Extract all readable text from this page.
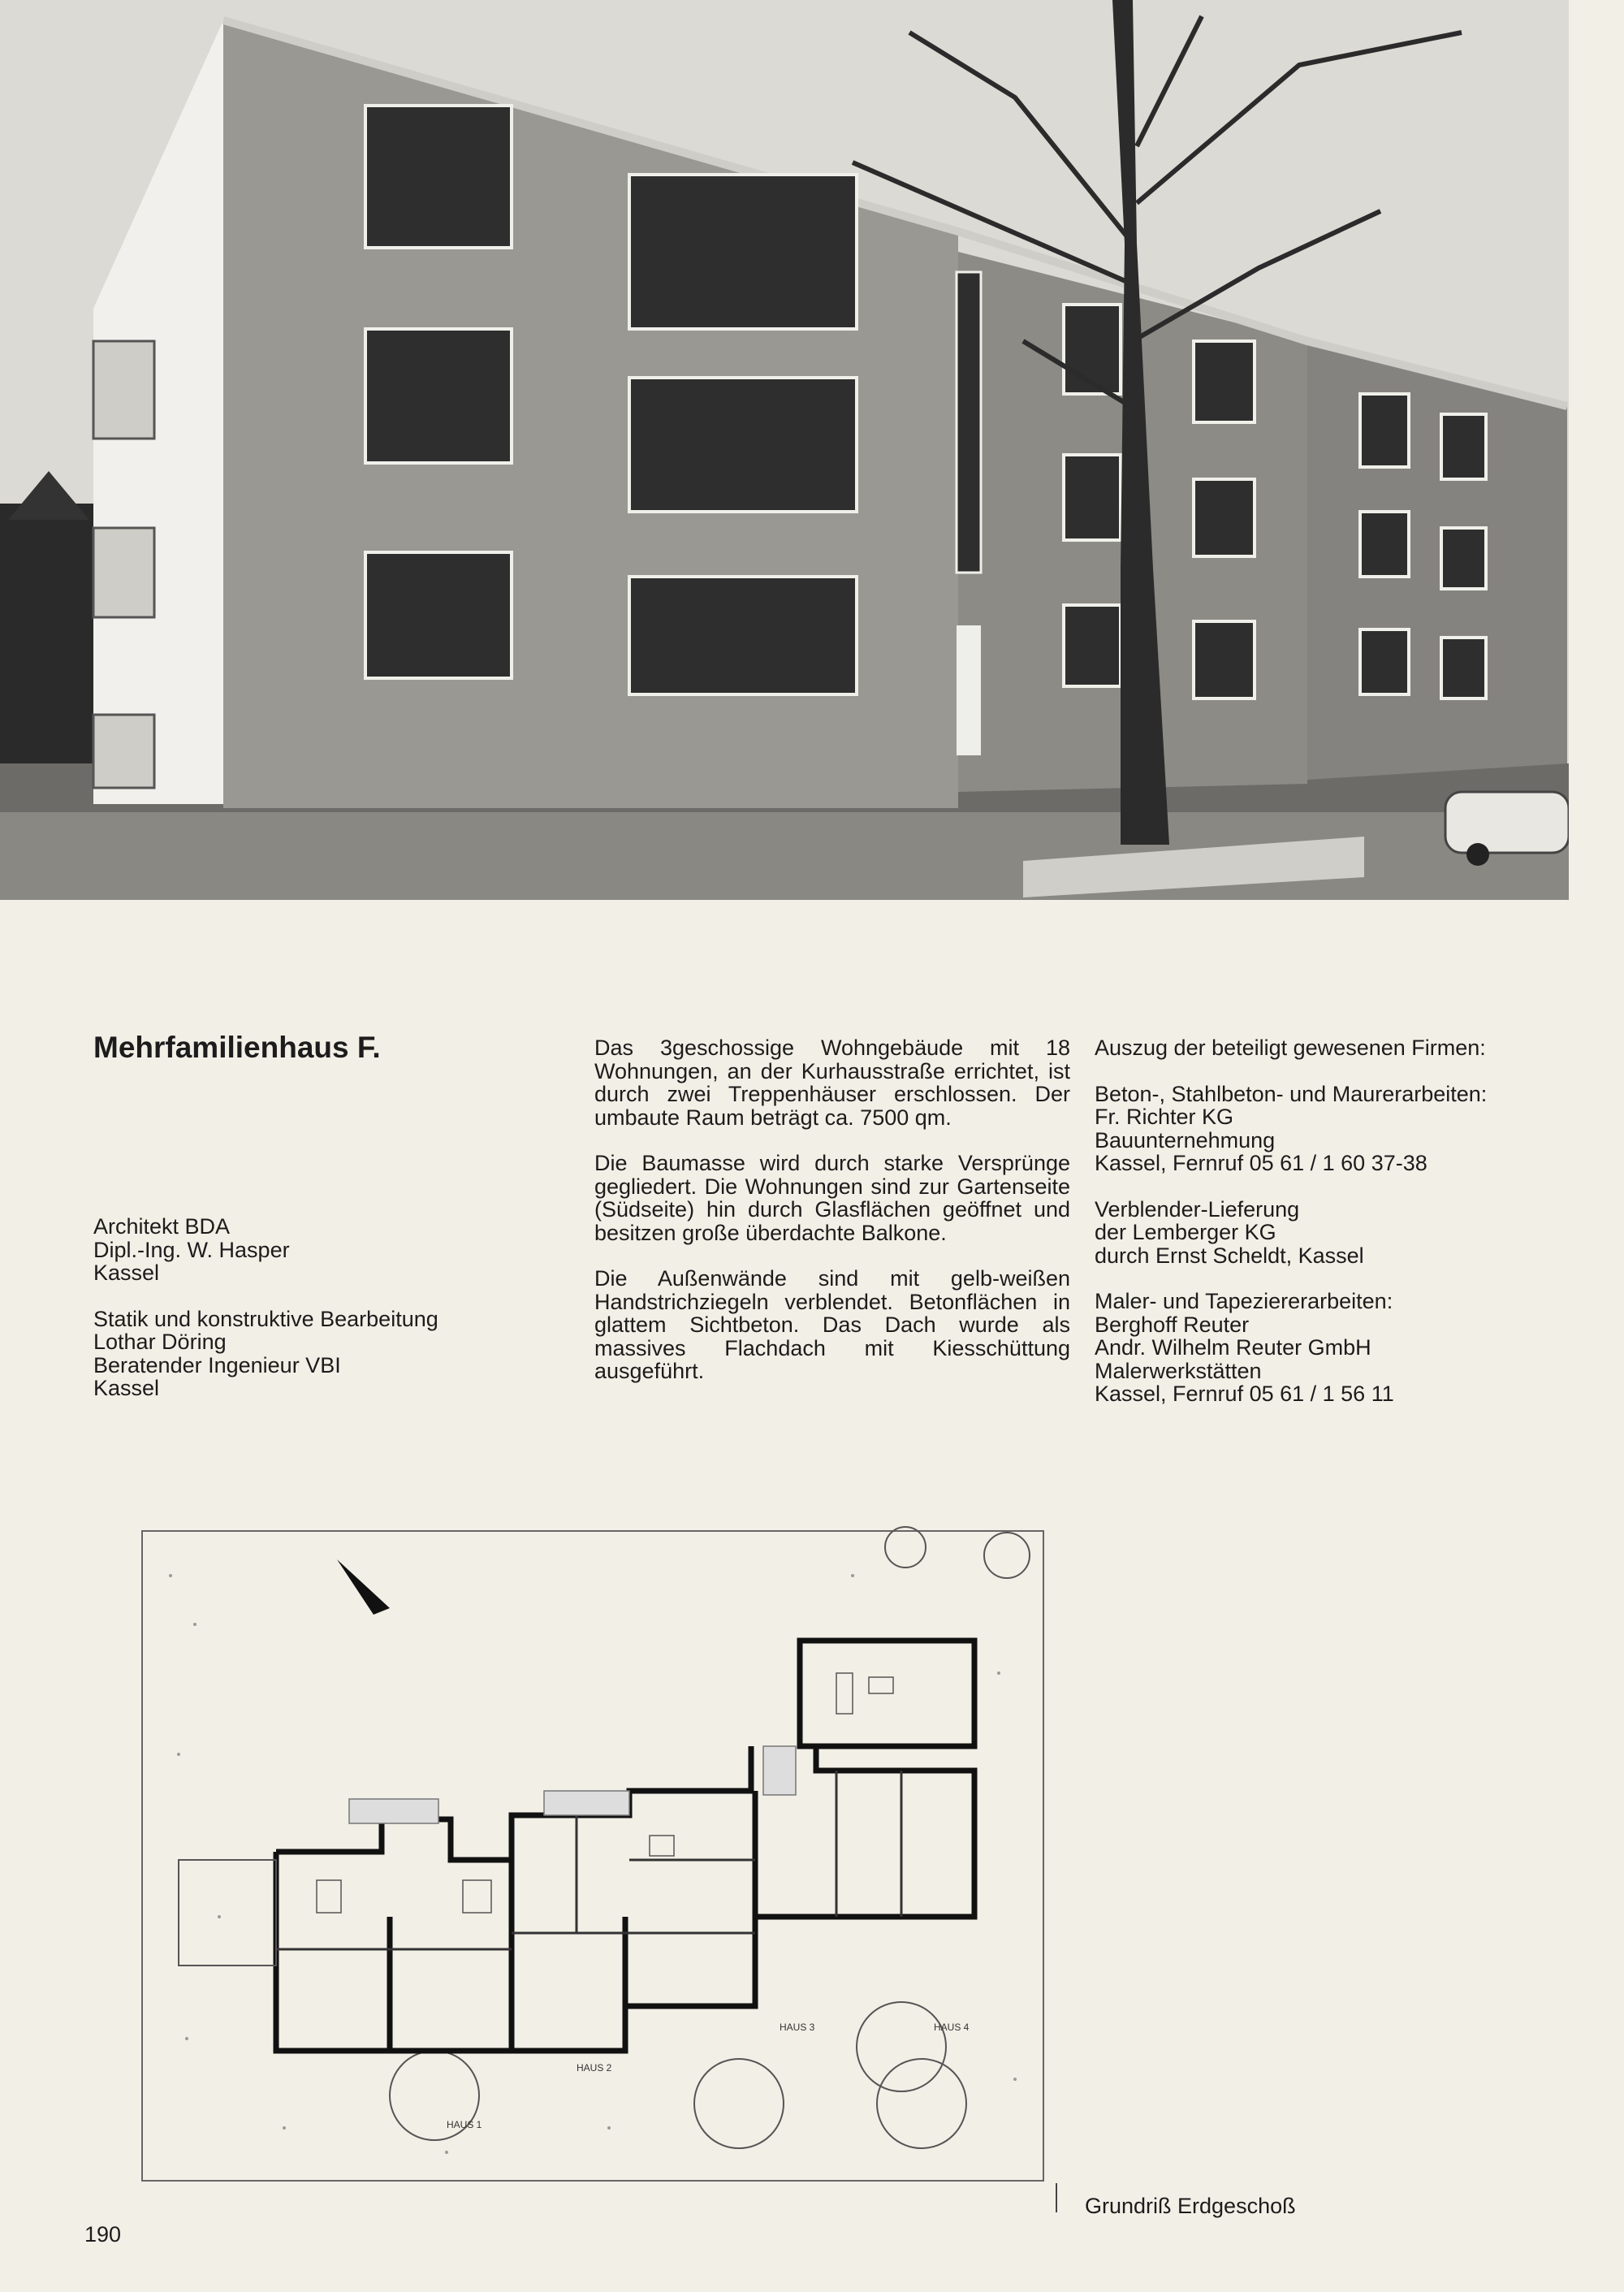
Mehrfamilienhaus F.
Architekt BDA
Dipl.-Ing. W. Hasper
Kassel
Statik und konstruktive Bearbeitung
Lothar Döring
Beratender Ingenieur VBI
Kassel

Das 3geschossige Wohngebäude mit 18 Wohnungen, an der Kurhausstraße errichtet, ist durch zwei Treppenhäuser erschlossen. Der umbaute Raum beträgt ca. 7500 qm.

Die Baumasse wird durch starke Versprünge gegliedert. Die Wohnungen sind zur Gartenseite (Südseite) hin durch Glasflächen geöffnet und besitzen große überdachte Balkone.

Die Außenwände sind mit gelb-weißen Handstrichziegeln verblendet. Betonflächen in glattem Sichtbeton. Das Dach wurde als massives Flachdach mit Kiesschüttung ausgeführt.

Auszug der beteiligt gewesenen Firmen:
Beton-, Stahlbeton- und Maurerarbeiten:
Fr. Richter KG
Bauunternehmung
Kassel, Fernruf 05 61 / 1 60 37-38
Verblender-Lieferung
der Lemberger KG
durch Ernst Scheldt, Kassel
Maler- und Tapeziererarbeiten:
Berghoff Reuter
Andr. Wilhelm Reuter GmbH
Malerwerkstätten
Kassel, Fernruf 05 61 / 1 56 11
HAUS 1
HAUS 2
HAUS 3	HAUS 4
Grundriß Erdgeschoß
190
